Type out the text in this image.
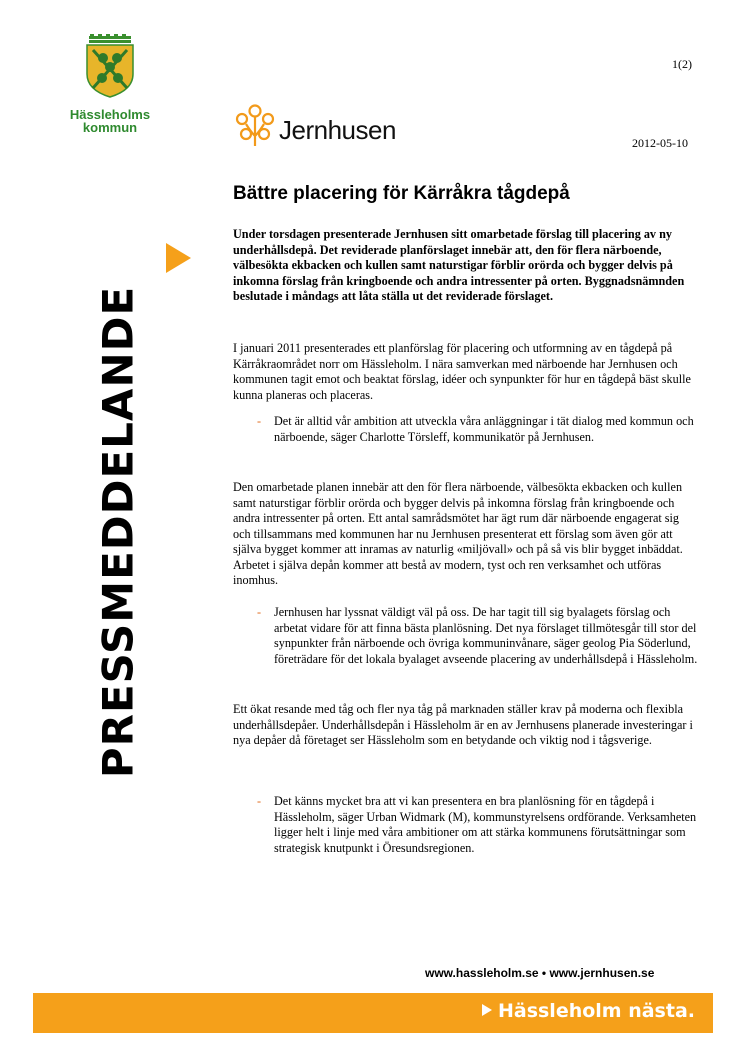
Hässleholms
kommun	Jernhusen
1(2)
2012-05-10
PRESSMEDDELANDE
Bättre placering för Kärråkra tågdepå
Under torsdagen presenterade Jernhusen sitt omarbetade förslag till placering av ny underhållsdepå. Det reviderade planförslaget innebär att, den för flera närboende, välbesökta ekbacken och kullen samt naturstigar förblir orörda och bygger delvis på inkomna förslag från kringboende och andra intressenter på orten. Byggnadsnämnden beslutade i måndags att låta ställa ut det reviderade förslaget.
I januari 2011 presenterades ett planförslag för placering och utformning av en tågdepå på Kärråkraområdet norr om Hässleholm. I nära samverkan med närboende har Jernhusen och kommunen tagit emot och beaktat förslag, idéer och synpunkter för hur en tågdepå bäst skulle kunna planeras och placeras.
- Det är alltid vår ambition att utveckla våra anläggningar i tät dialog med kommun och närboende, säger Charlotte Törsleff, kommunikatör på Jernhusen.
Den omarbetade planen innebär att den för flera närboende, välbesökta ekbacken och kullen samt naturstigar förblir orörda och bygger delvis på inkomna förslag från kringboende och andra intressenter på orten. Ett antal samrådsmötet har ägt rum där närboende engagerat sig och tillsammans med kommunen har nu Jernhusen presenterat ett förslag som även gör att själva bygget kommer att inramas av naturlig «miljövall» och på så vis blir bygget inbäddat. Arbetet i själva depån kommer att bestå av modern, tyst och ren verksamhet och utföras inomhus.
- Jernhusen har lyssnat väldigt väl på oss. De har tagit till sig byalagets förslag och arbetat vidare för att finna bästa planlösning. Det nya förslaget tillmötesgår till stor del synpunkter från närboende och övriga kommuninvånare, säger geolog Pia Söderlund, företrädare för det lokala byalaget avseende placering av underhållsdepå i Hässleholm.
Ett ökat resande med tåg och fler nya tåg på marknaden ställer krav på moderna och flexibla underhållsdepåer. Underhållsdepån i Hässleholm är en av Jernhusens planerade investeringar i nya depåer då företaget ser Hässleholm som en betydande och viktig nod i tågsverige.
- Det känns mycket bra att vi kan presentera en bra planlösning för en tågdepå i Hässleholm, säger Urban Widmark (M), kommunstyrelsens ordförande. Verksamheten ligger helt i linje med våra ambitioner om att stärka kommunens förutsättningar som strategisk knutpunkt i Öresundsregionen.
www.hassleholm.se • www.jernhusen.se
Hässleholm nästa.
